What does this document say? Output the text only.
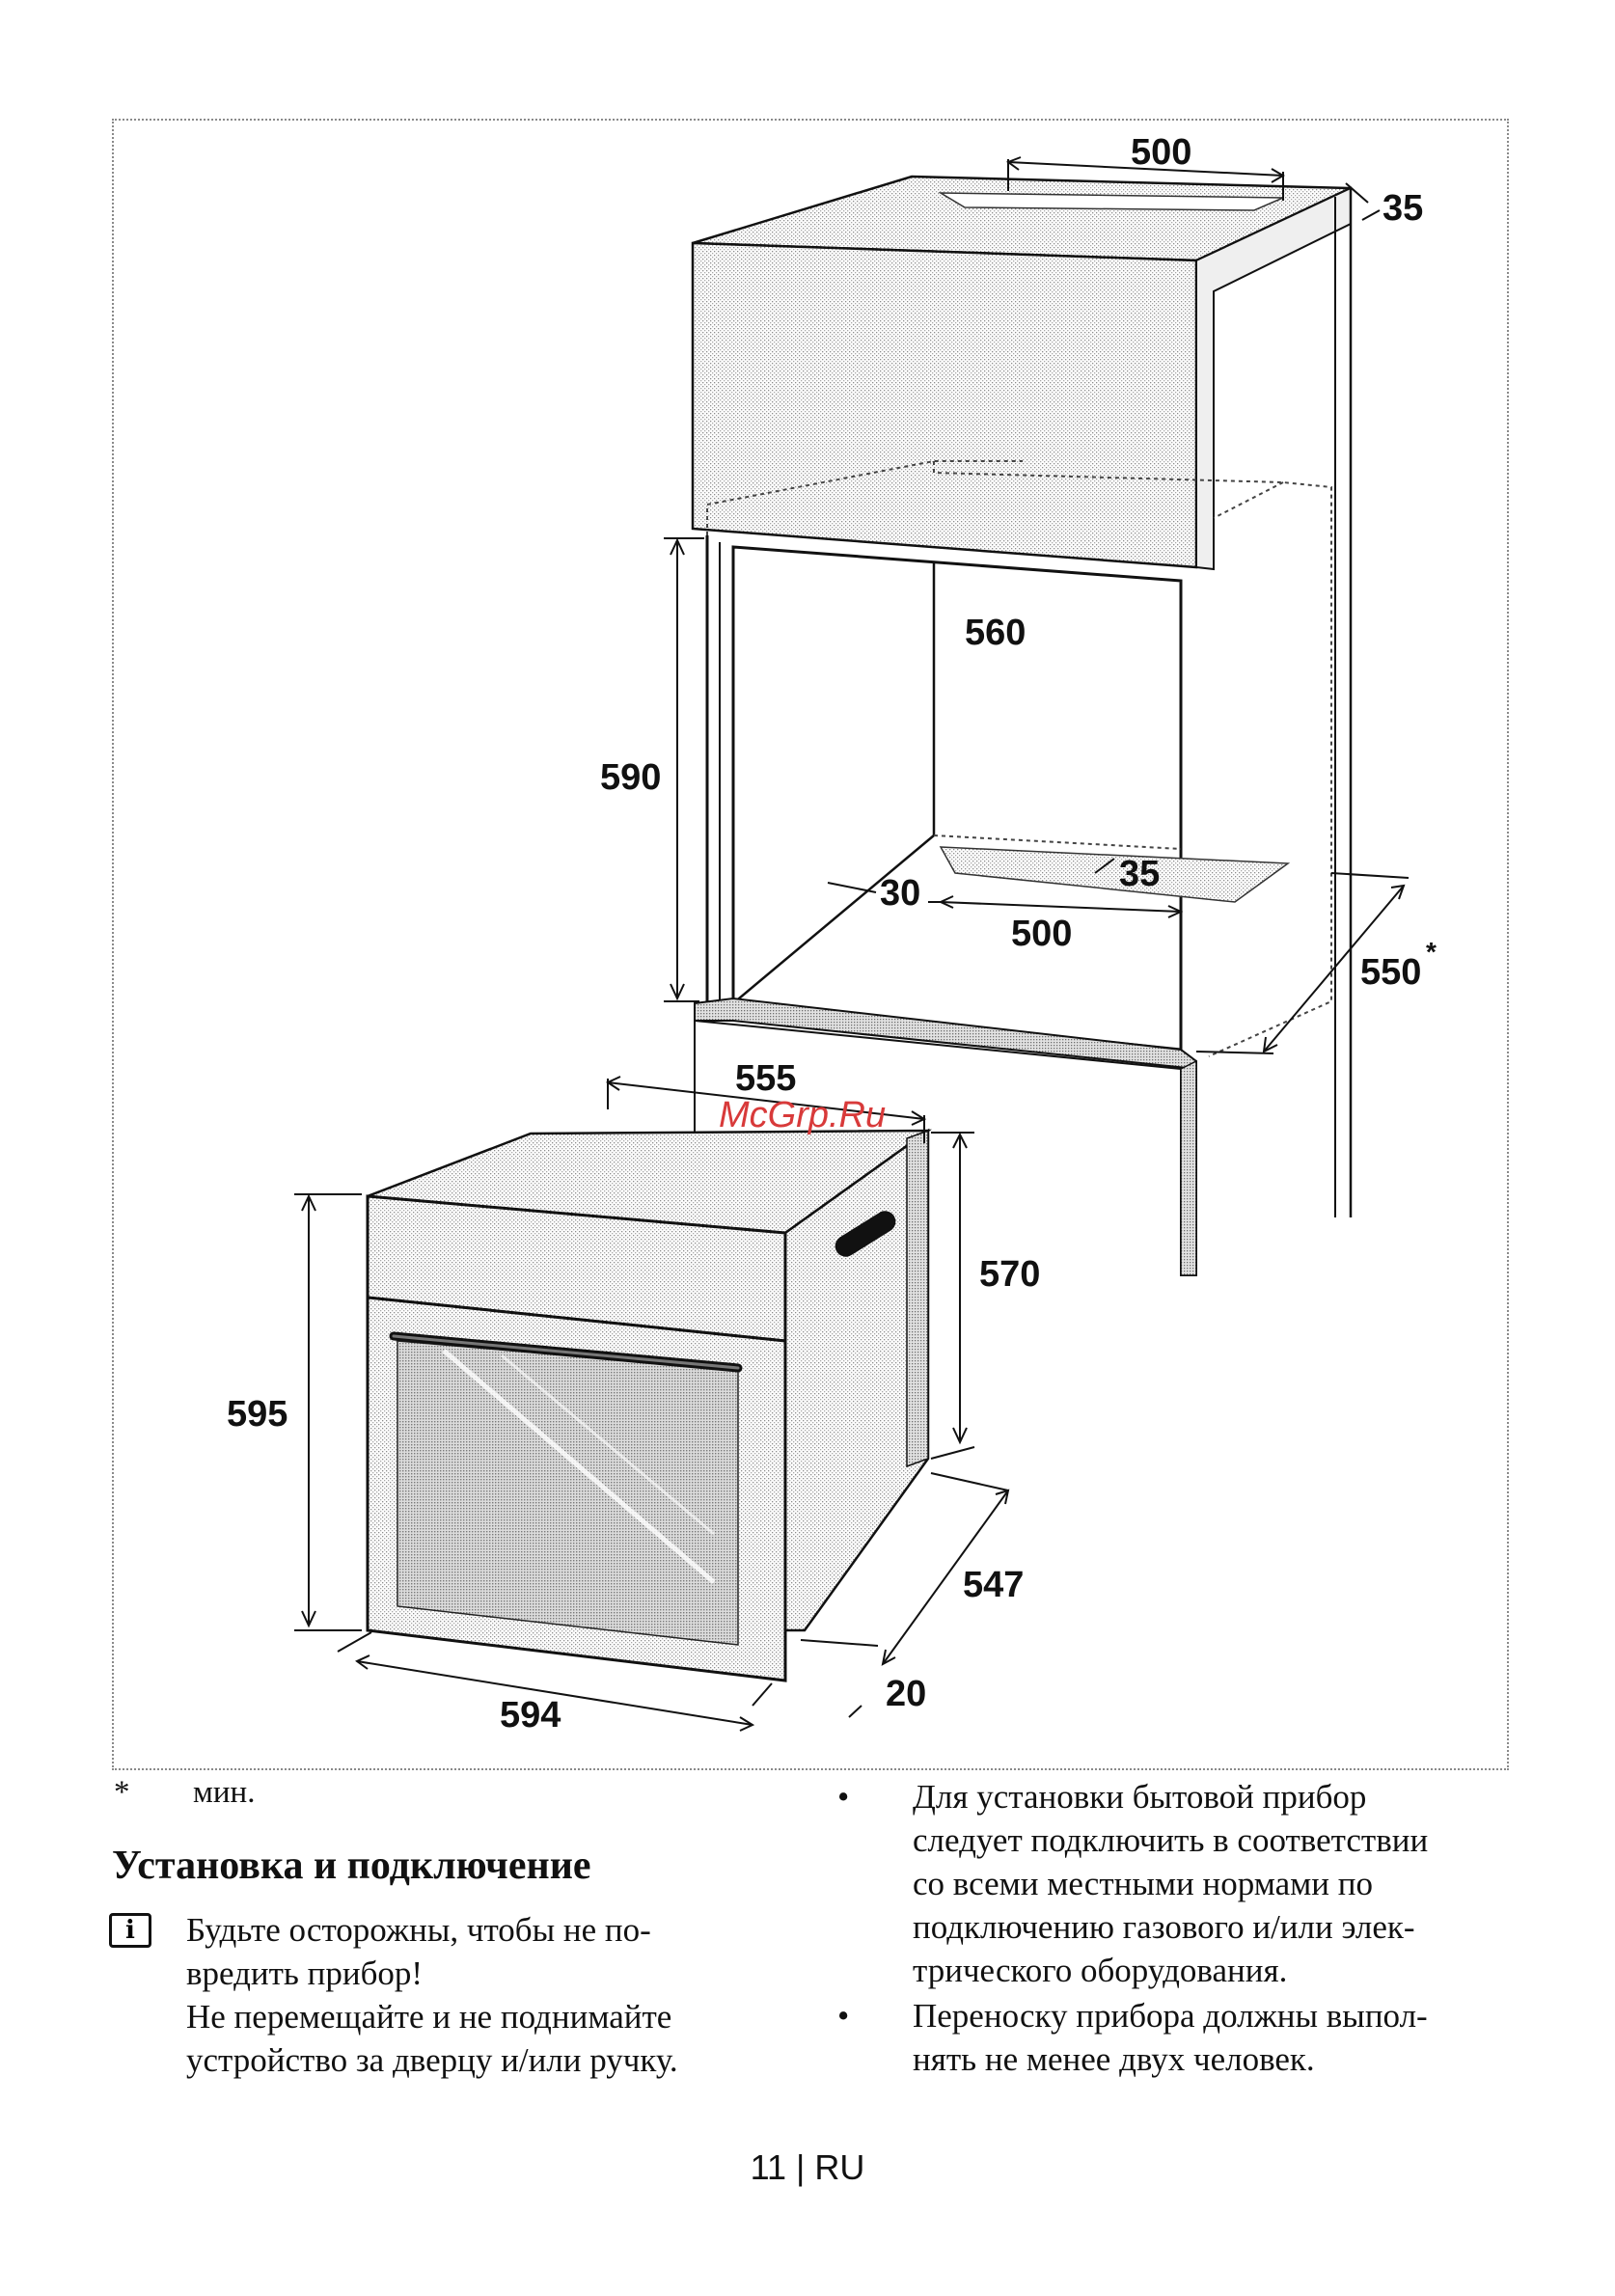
500
35
560
590
35
30
500
550
*
555
570
595
547
594
20
McGrp.Ru
* мин.
Установка и подключение
i	Будьте осторожны, чтобы не по-
вредить прибор!
Не перемещайте и не поднимайте
устройство за дверцу и/или ручку.
• Для установки бытовой прибор
следует подключить в соответствии
со всеми местными нормами по
подключению газового и/или элек-
трического оборудования.
• Переноску прибора должны выпол-
нять не менее двух человек.
11 | RU
